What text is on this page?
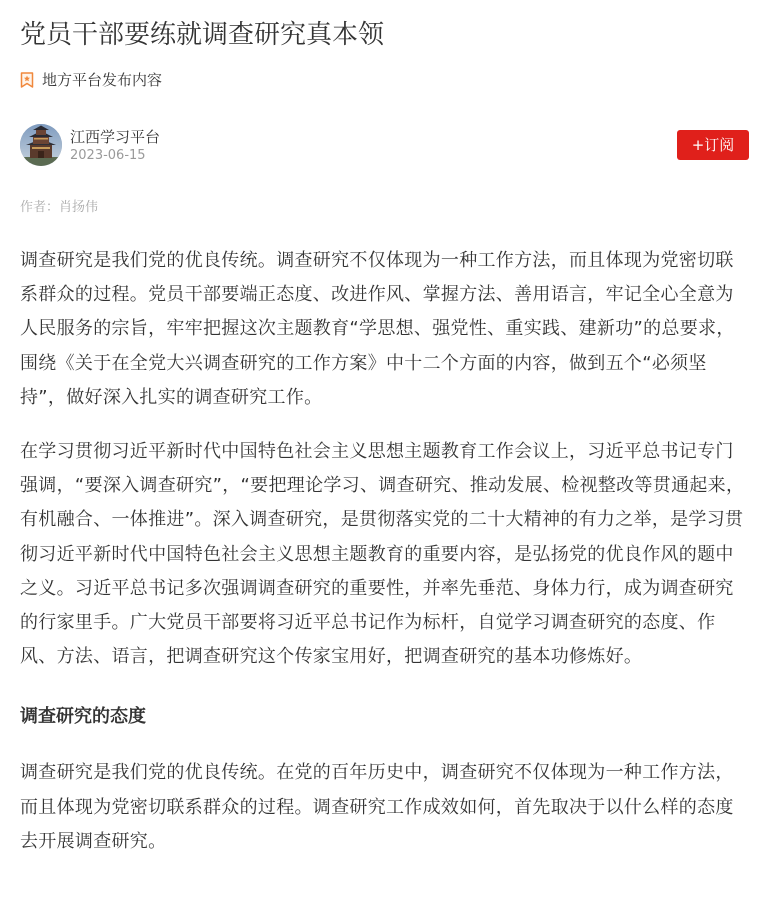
党员干部要练就调查研究真本领
地方平台发布内容
江西学习平台
2023-06-15
+订阅
作者：肖扬伟

调查研究是我们党的优良传统。调查研究不仅体现为一种工作方法，而且体现为党密切联系群众的过程。党员干部要端正态度、改进作风、掌握方法、善用语言，牢记全心全意为人民服务的宗旨，牢牢把握这次主题教育“学思想、强党性、重实践、建新功”的总要求，围绕《关于在全党大兴调查研究的工作方案》中十二个方面的内容，做到五个“必须坚持”，做好深入扎实的调查研究工作。

在学习贯彻习近平新时代中国特色社会主义思想主题教育工作会议上，习近平总书记专门强调，“要深入调查研究”，“要把理论学习、调查研究、推动发展、检视整改等贯通起来，有机融合、一体推进”。深入调查研究，是贯彻落实党的二十大精神的有力之举，是学习贯彻习近平新时代中国特色社会主义思想主题教育的重要内容，是弘扬党的优良作风的题中之义。习近平总书记多次强调调查研究的重要性，并率先垂范、身体力行，成为调查研究的行家里手。广大党员干部要将习近平总书记作为标杆，自觉学习调查研究的态度、作风、方法、语言，把调查研究这个传家宝用好，把调查研究的基本功修炼好。

调查研究的态度

调查研究是我们党的优良传统。在党的百年历史中，调查研究不仅体现为一种工作方法，而且体现为党密切联系群众的过程。调查研究工作成效如何，首先取决于以什么样的态度去开展调查研究。
